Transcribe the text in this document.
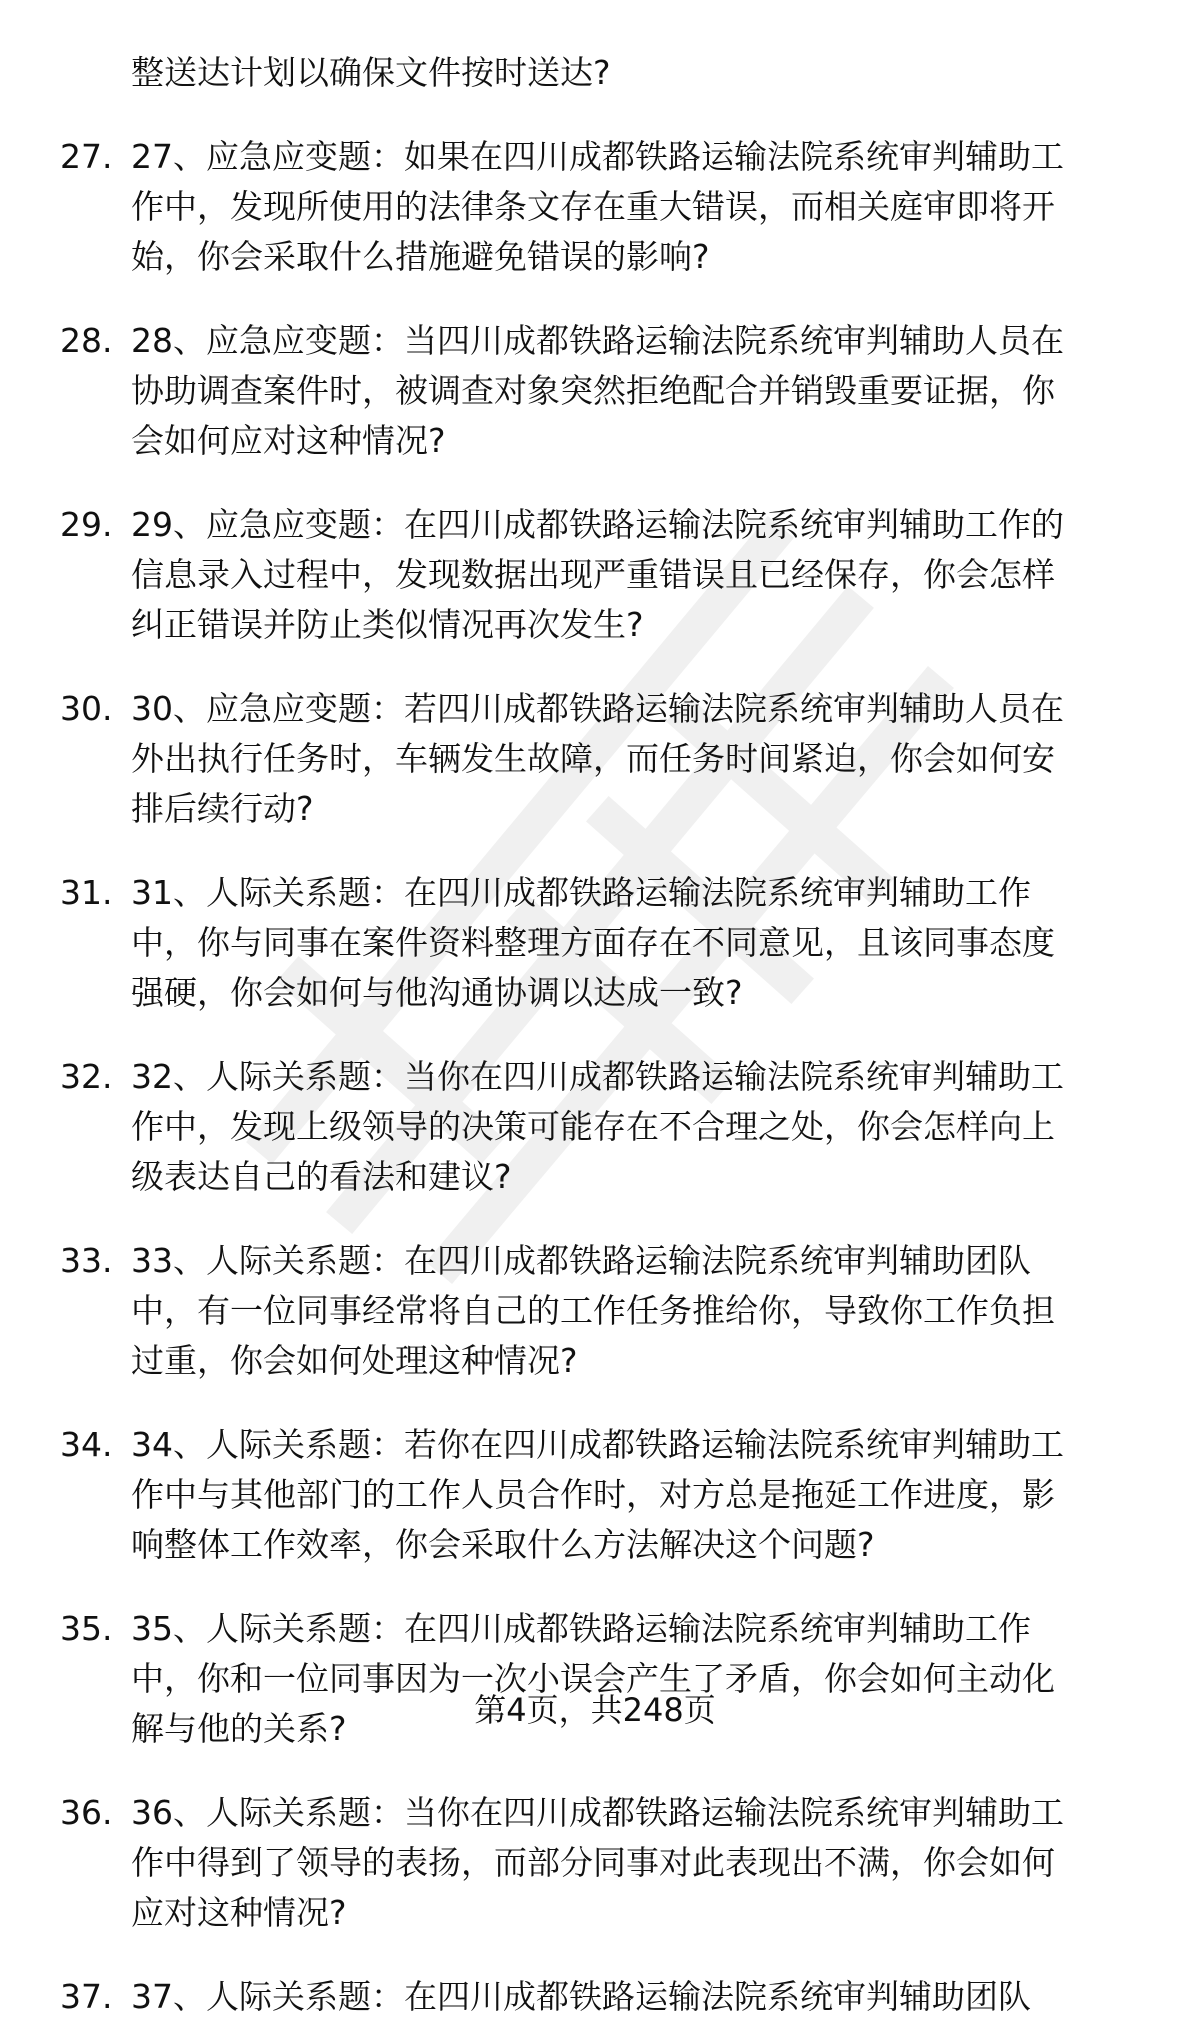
整送达计划以确保文件按时送达?
27. 27、应急应变题：如果在四川成都铁路运输法院系统审判辅助工
作中，发现所使用的法律条文存在重大错误，而相关庭审即将开
始，你会采取什么措施避免错误的影响?
28. 28、应急应变题：当四川成都铁路运输法院系统审判辅助人员在
协助调查案件时，被调查对象突然拒绝配合并销毁重要证据，你
会如何应对这种情况?
29. 29、应急应变题：在四川成都铁路运输法院系统审判辅助工作的
信息录入过程中，发现数据出现严重错误且已经保存，你会怎样
纠正错误并防止类似情况再次发生?
30. 30、应急应变题：若四川成都铁路运输法院系统审判辅助人员在
外出执行任务时，车辆发生故障，而任务时间紧迫，你会如何安
排后续行动?
31. 31、人际关系题：在四川成都铁路运输法院系统审判辅助工作
中，你与同事在案件资料整理方面存在不同意见，且该同事态度
强硬，你会如何与他沟通协调以达成一致?
32. 32、人际关系题：当你在四川成都铁路运输法院系统审判辅助工
作中，发现上级领导的决策可能存在不合理之处，你会怎样向上
级表达自己的看法和建议?
33. 33、人际关系题：在四川成都铁路运输法院系统审判辅助团队
中，有一位同事经常将自己的工作任务推给你，导致你工作负担
过重，你会如何处理这种情况?
34. 34、人际关系题：若你在四川成都铁路运输法院系统审判辅助工
作中与其他部门的工作人员合作时，对方总是拖延工作进度，影
响整体工作效率，你会采取什么方法解决这个问题?
35. 35、人际关系题：在四川成都铁路运输法院系统审判辅助工作
中，你和一位同事因为一次小误会产生了矛盾，你会如何主动化
解与他的关系?
36. 36、人际关系题：当你在四川成都铁路运输法院系统审判辅助工
作中得到了领导的表扬，而部分同事对此表现出不满，你会如何
应对这种情况?
37. 37、人际关系题：在四川成都铁路运输法院系统审判辅助团队
第4页，共248页
